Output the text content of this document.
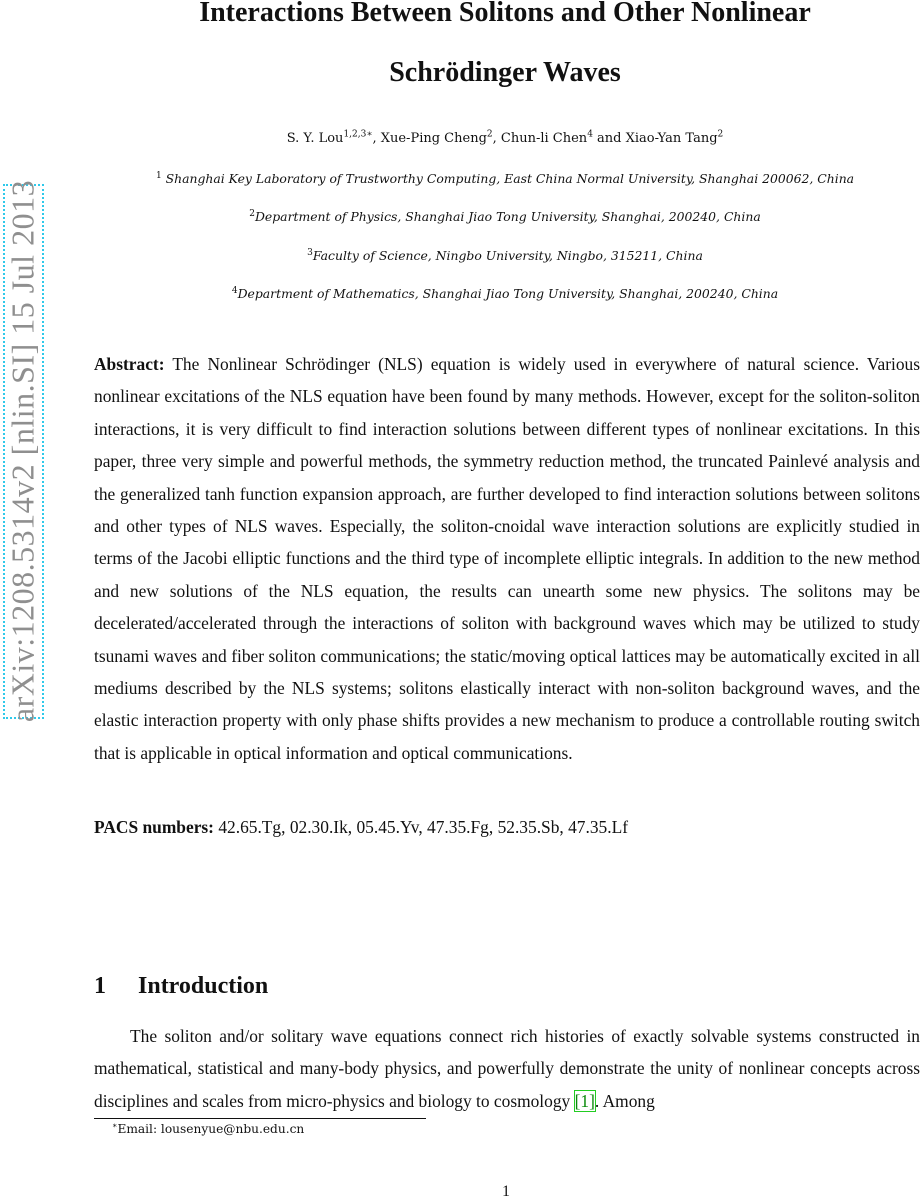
arXiv:1208.5314v2 [nlin.SI] 15 Jul 2013
Interactions Between Solitons and Other Nonlinear
Schrödinger Waves
S. Y. Lou$^{1,2,3∗}$, Xue-Ping Cheng$^2$, Chun-li Chen$^4$ and Xiao-Yan Tang$^2$
$^1$ Shanghai Key Laboratory of Trustworthy Computing, East China Normal University, Shanghai 200062, China
$^2$Department of Physics, Shanghai Jiao Tong University, Shanghai, 200240, China
$^3$Faculty of Science, Ningbo University, Ningbo, 315211, China
$^4$Department of Mathematics, Shanghai Jiao Tong University, Shanghai, 200240, China

Abstract: The Nonlinear Schrödinger (NLS) equation is widely used in everywhere of natural science. Various nonlinear excitations of the NLS equation have been found by many methods. However, except for the soliton-soliton interactions, it is very difficult to find interaction solutions between different types of nonlinear excitations. In this paper, three very simple and powerful methods, the symmetry reduction method, the truncated Painlevé analysis and the generalized tanh function expansion approach, are further developed to find interaction solutions between solitons and other types of NLS waves. Especially, the soliton-cnoidal wave interaction solutions are explicitly studied in terms of the Jacobi elliptic functions and the third type of incomplete elliptic integrals. In addition to the new method and new solutions of the NLS equation, the results can unearth some new physics. The solitons may be decelerated/accelerated through the interactions of soliton with background waves which may be utilized to study tsunami waves and fiber soliton communications; the static/moving optical lattices may be automatically excited in all mediums described by the NLS systems; solitons elastically interact with non-soliton background waves, and the elastic interaction property with only phase shifts provides a new mechanism to produce a controllable routing switch that is applicable in optical information and optical communications.

PACS numbers: 42.65.Tg, 02.30.Ik, 05.45.Yv, 47.35.Fg, 52.35.Sb, 47.35.Lf

1 Introduction

The soliton and/or solitary wave equations connect rich histories of exactly solvable systems constructed in mathematical, statistical and many-body physics, and powerfully demonstrate the unity of nonlinear concepts across disciplines and scales from micro-physics and biology to cosmology [1]. Among

∗Email: lousenyue@nbu.edu.cn

1
